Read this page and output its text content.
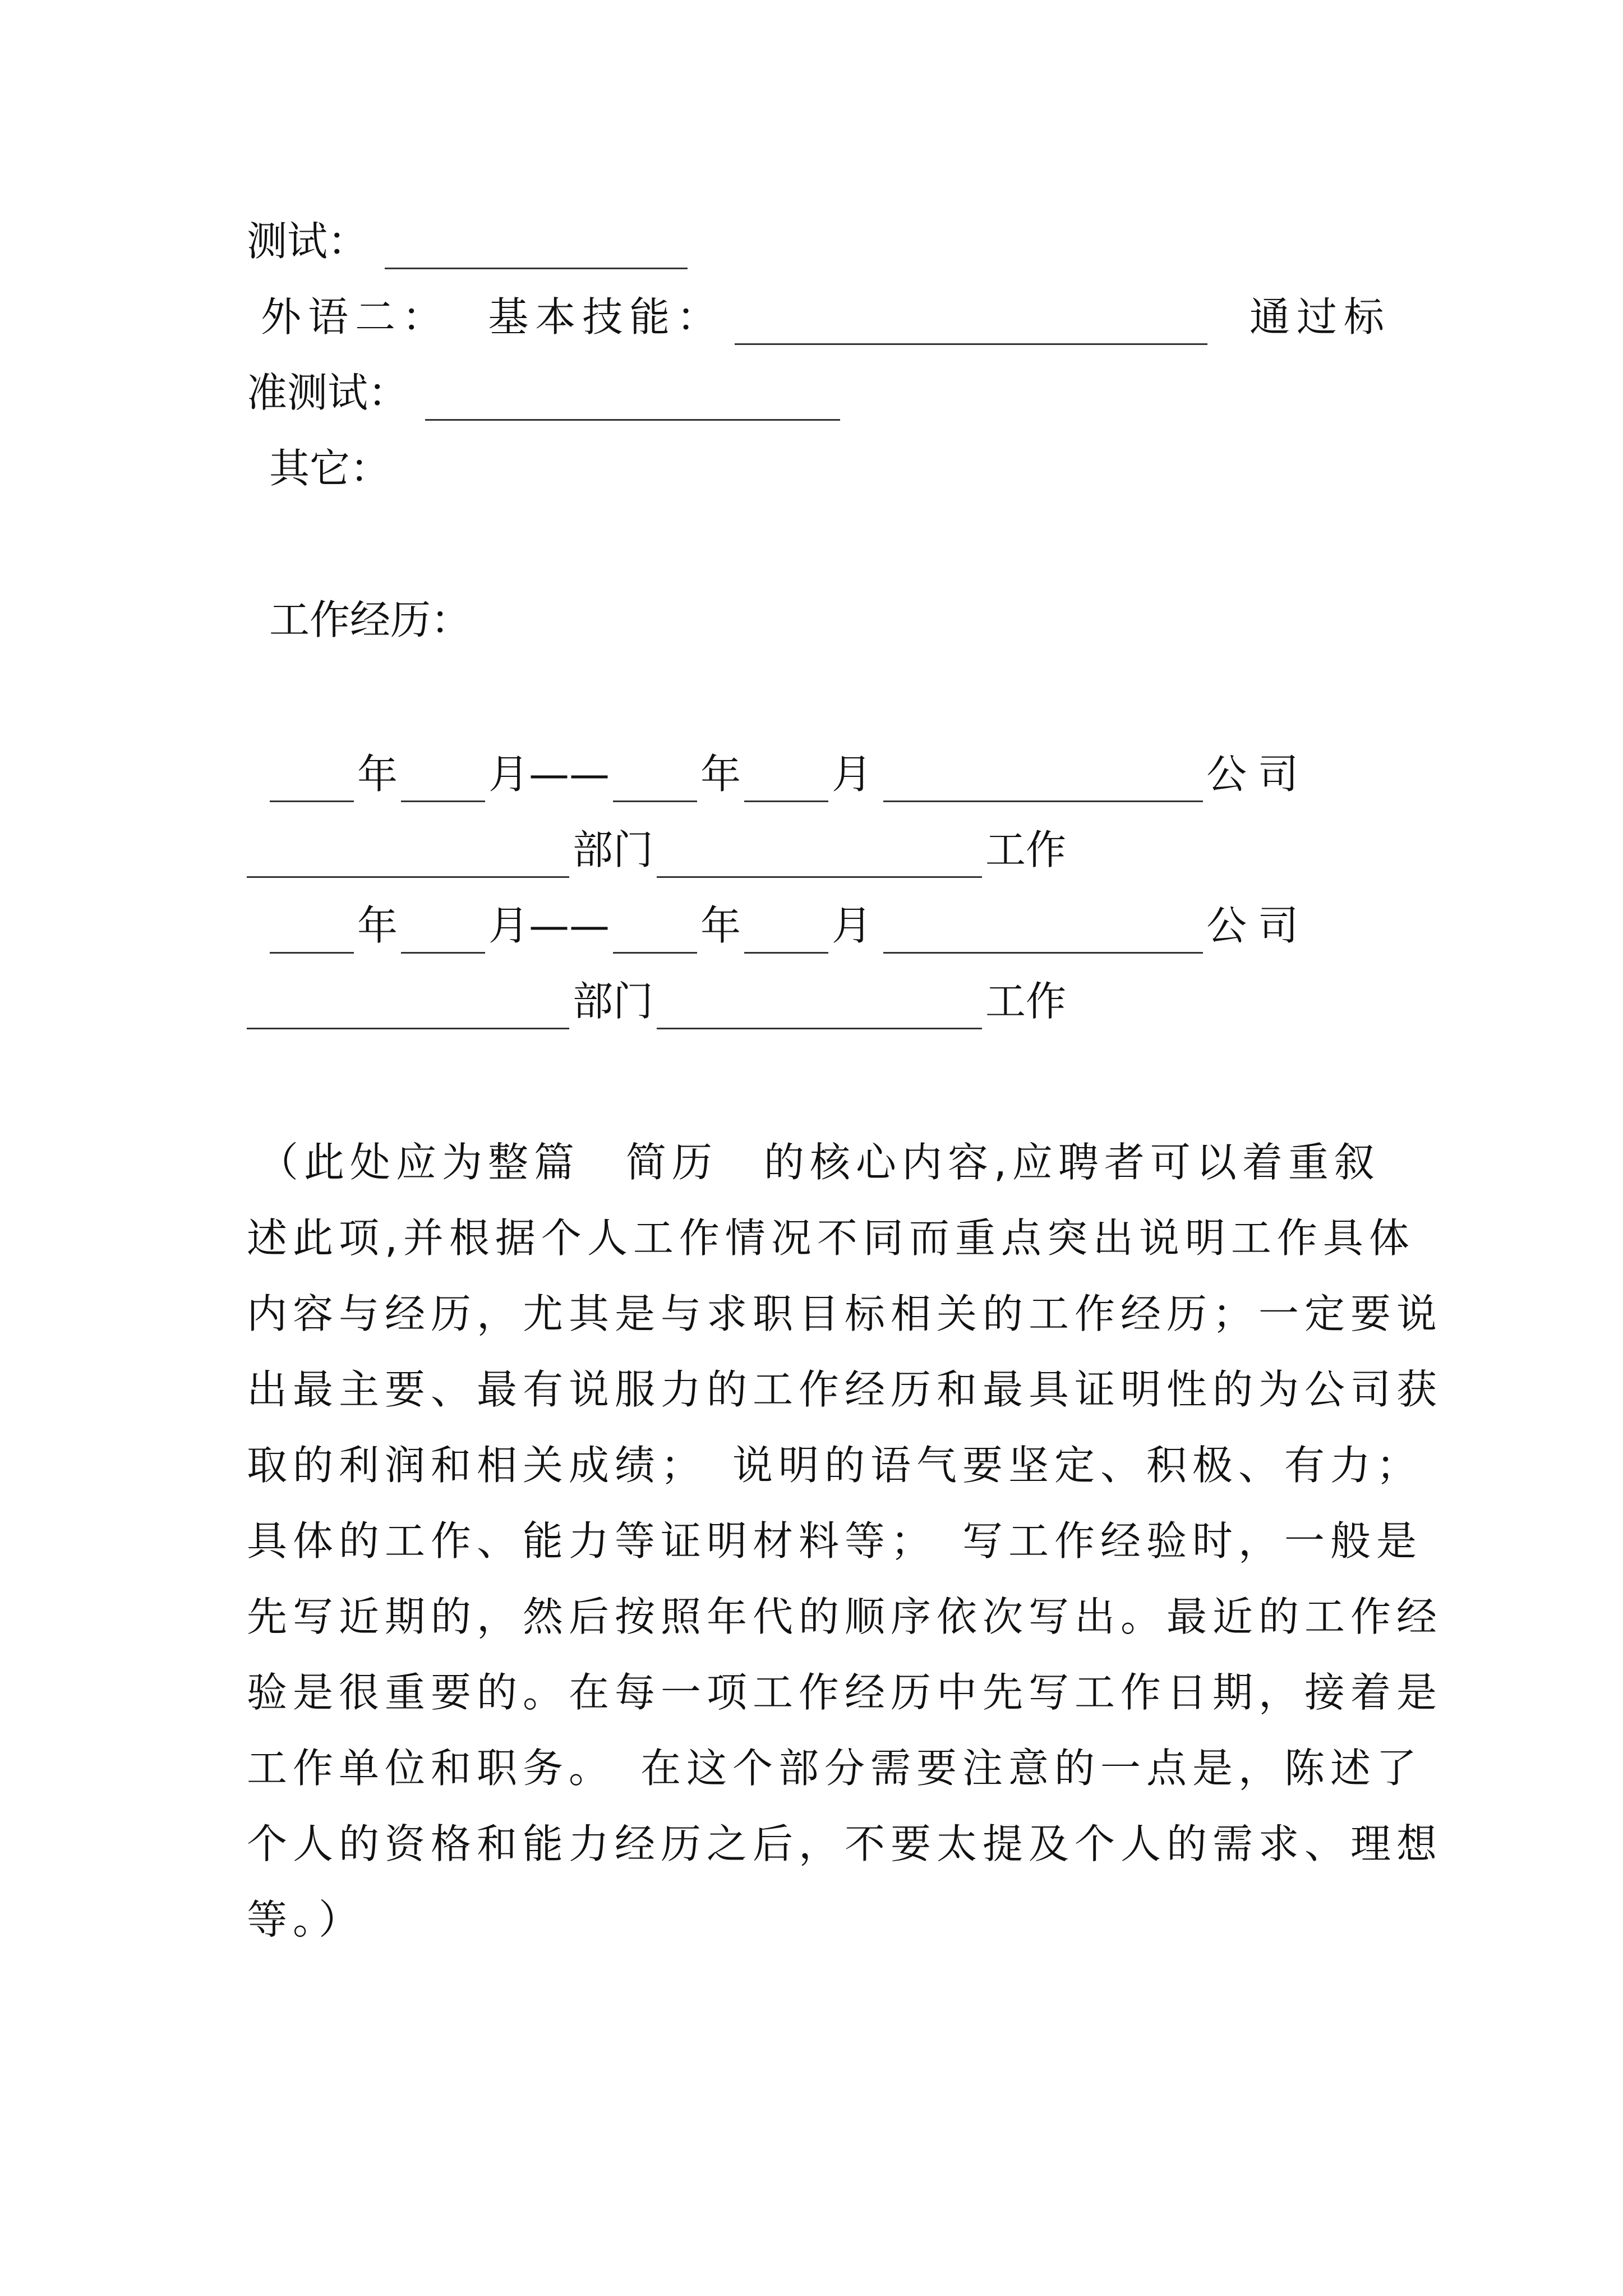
测试：
外语二： 基本技能：	通过标
准测试：
其它：
工作经历：
年 月 —— 年 月	公司
部门	工作
年 月 —— 年 月	公司
部门	工作
（此处应为整篇　简历　的核心内容,应聘者可以着重叙
述此项,并根据个人工作情况不同而重点突出说明工作具体
内容与经历，尤其是与求职目标相关的工作经历；一定要说
出最主要、最有说服力的工作经历和最具证明性的为公司获
取的利润和相关成绩；　说明的语气要坚定、积极、有力；
具体的工作、能力等证明材料等；　写工作经验时，一般是
先写近期的，然后按照年代的顺序依次写出。最近的工作经
验是很重要的。在每一项工作经历中先写工作日期，接着是
工作单位和职务。　在这个部分需要注意的一点是，陈述了
个人的资格和能力经历之后，不要太提及个人的需求、理想
等。）
